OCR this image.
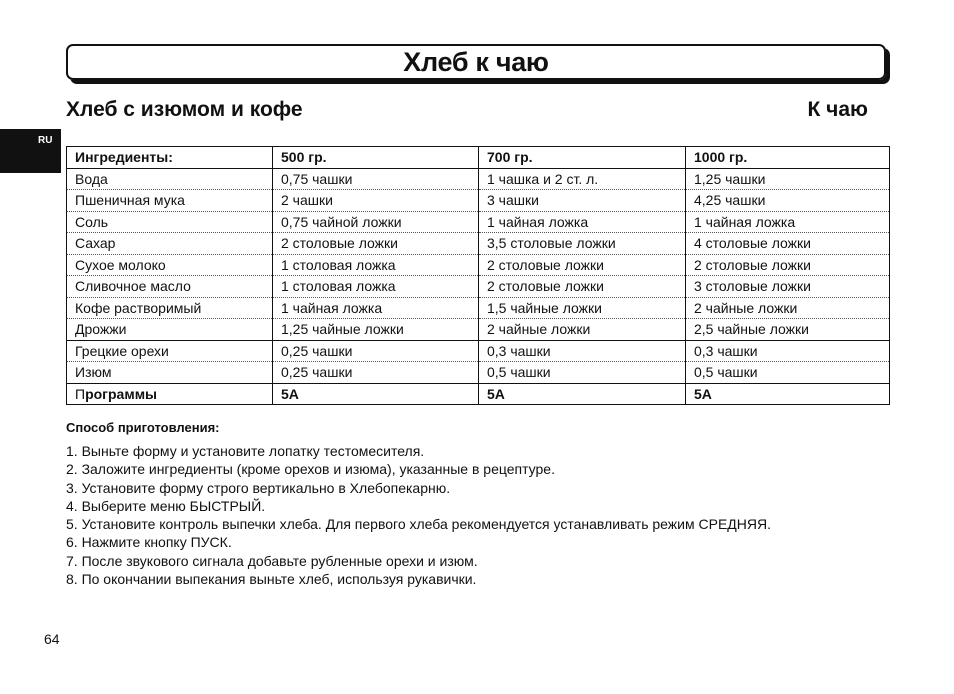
Хлеб к чаю
Хлеб с изюмом и кофе	К чаю
RU
Ингредиенты:	500 гр.	700 гр.	1000 гр.
Вода	0,75 чашки	1 чашка и 2 ст. л.	1,25 чашки
Пшеничная мука	2 чашки	3 чашки	4,25 чашки
Соль	0,75 чайной ложки	1 чайная ложка	1 чайная ложка
Сахар	2 столовые ложки	3,5 столовые ложки	4 столовые ложки
Сухое молоко	1 столовая ложка	2 столовые ложки	2 столовые ложки
Сливочное масло	1 столовая ложка	2 столовые ложки	3 столовые ложки
Кофе растворимый	1 чайная ложка	1,5 чайные ложки	2 чайные ложки
Дрожжи	1,25 чайные ложки	2 чайные ложки	2,5 чайные ложки
Грецкие орехи	0,25 чашки	0,3 чашки	0,3 чашки
Изюм	0,25 чашки	0,5 чашки	0,5 чашки
Программы	5А	5А	5А
Способ приготовления:
1. Выньте форму и установите лопатку тестомесителя.
2. Заложите ингредиенты (кроме орехов и изюма), указанные в рецептуре.
3. Установите форму строго вертикально в Хлебопекарню.
4. Выберите меню БЫСТРЫЙ.
5. Установите контроль выпечки хлеба. Для первого хлеба рекомендуется устанавливать режим СРЕДНЯЯ.
6. Нажмите кнопку ПУСК.
7. После звукового сигнала добавьте рубленные орехи и изюм.
8. По окончании выпекания выньте хлеб, используя рукавички.
64
